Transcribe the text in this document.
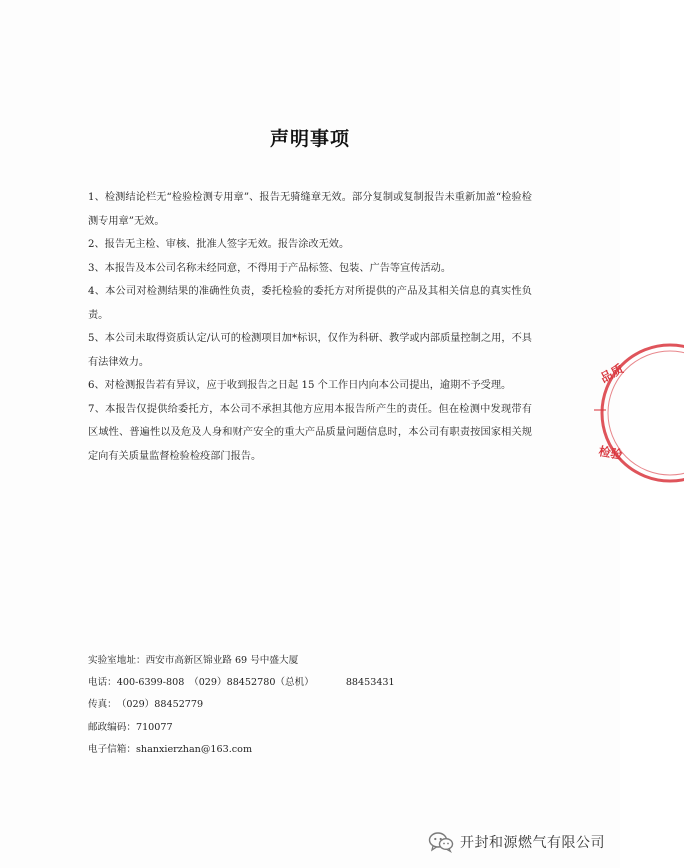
声明事项

1、检测结论栏无“检验检测专用章”、报告无骑缝章无效。部分复制或复制报告未重新加盖“检验检测专用章”无效。

2、报告无主检、审核、批准人签字无效。报告涂改无效。

3、本报告及本公司名称未经同意，不得用于产品标签、包装、广告等宣传活动。

4、本公司对检测结果的准确性负责，委托检验的委托方对所提供的产品及其相关信息的真实性负责。

5、本公司未取得资质认定/认可的检测项目加*标识，仅作为科研、教学或内部质量控制之用，不具有法律效力。

6、对检测报告若有异议，应于收到报告之日起 15 个工作日内向本公司提出，逾期不予受理。

7、本报告仅提供给委托方，本公司不承担其他方应用本报告所产生的责任。但在检测中发现带有区域性、普遍性以及危及人身和财产安全的重大产品质量问题信息时，本公司有职责按国家相关规定向有关质量监督检验检疫部门报告。

实验室地址：西安市高新区锦业路 69 号中盛大厦
电话：400-6399-808　（029）88452780（总机）	88453431
传真：（029）88452779
邮政编码：710077
电子信箱：shanxierzhan@163.com
品质
检验
开封和源燃气有限公司
